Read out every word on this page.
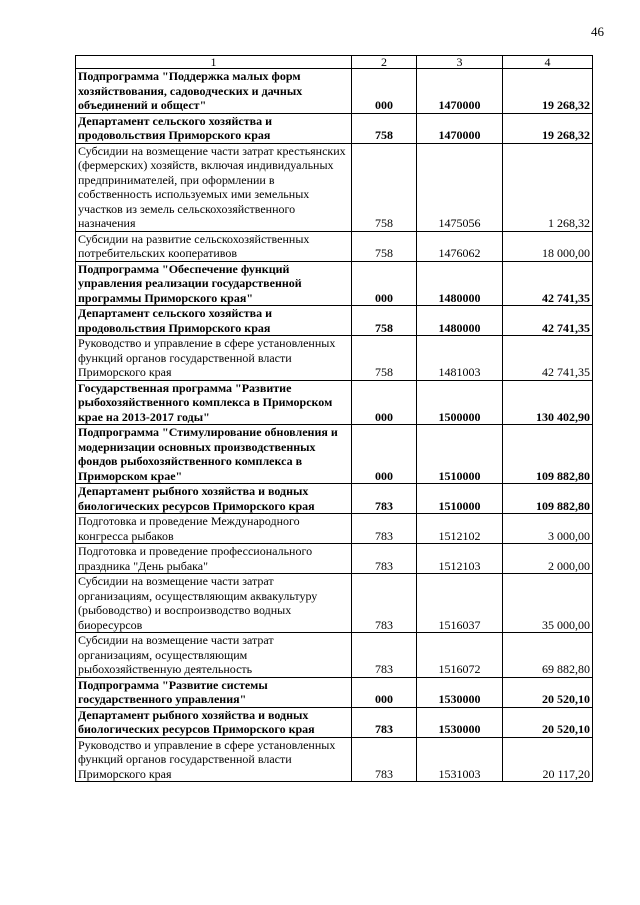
46
1	2	3	4
Подпрограмма "Поддержка малых форм хозяйствования, садоводческих и дачных объединений и общест"	000	1470000	19 268,32
Департамент сельского хозяйства и продовольствия Приморского края	758	1470000	19 268,32
Субсидии на возмещение части затрат крестьянских (фермерских) хозяйств, включая индивидуальных предпринимателей, при оформлении в собственность используемых ими земельных участков из земель сельскохозяйственного назначения	758	1475056	1 268,32
Субсидии на развитие сельскохозяйственных потребительских кооперативов	758	1476062	18 000,00
Подпрограмма "Обеспечение функций управления реализации государственной программы Приморского края"	000	1480000	42 741,35
Департамент сельского хозяйства и продовольствия Приморского края	758	1480000	42 741,35
Руководство и управление в сфере установленных функций органов государственной власти Приморского края	758	1481003	42 741,35
Государственная программа "Развитие рыбохозяйственного комплекса в Приморском крае на 2013-2017 годы"	000	1500000	130 402,90
Подпрограмма "Стимулирование обновления и модернизации основных производственных фондов рыбохозяйственного комплекса в Приморском крае"	000	1510000	109 882,80
Департамент рыбного хозяйства и водных биологических ресурсов Приморского края	783	1510000	109 882,80
Подготовка и проведение Международного конгресса рыбаков	783	1512102	3 000,00
Подготовка и проведение профессионального праздника "День рыбака"	783	1512103	2 000,00
Субсидии на возмещение части затрат организациям, осуществляющим аквакультуру (рыбоводство) и воспроизводство водных биоресурсов	783	1516037	35 000,00
Субсидии на возмещение части затрат организациям, осуществляющим рыбохозяйственную деятельность	783	1516072	69 882,80
Подпрограмма "Развитие системы государственного управления"	000	1530000	20 520,10
Департамент рыбного хозяйства и водных биологических ресурсов Приморского края	783	1530000	20 520,10
Руководство и управление в сфере установленных функций органов государственной власти Приморского края	783	1531003	20 117,20
